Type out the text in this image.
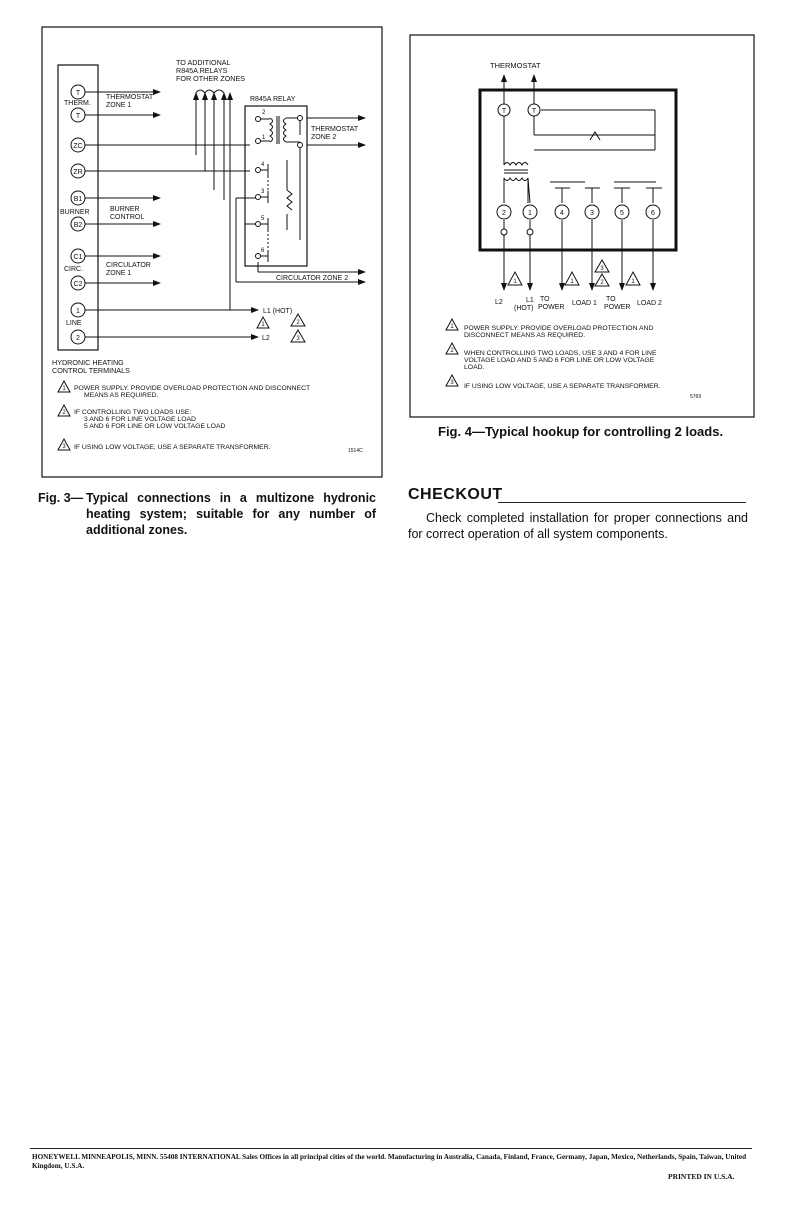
TO ADDITIONAL
R845A RELAYS
FOR OTHER ZONES
T
T
ZC
ZR
B1
B2
C1
C2
1
2
THERM.
BURNER
CIRC.
LINE
THERMOSTAT
ZONE 1
BURNER
CONTROL
CIRCULATOR
ZONE 1
R845A RELAY
2
1
4
3
5
6
THERMOSTAT
ZONE 2
CIRCULATOR ZONE 2
L1 (HOT)
L2
1	2
3
HYDRONIC HEATING
CONTROL TERMINALS
1
2
3
POWER SUPPLY. PROVIDE OVERLOAD PROTECTION AND DISCONNECT
MEANS AS REQUIRED.
IF CONTROLLING TWO LOADS USE:
3 AND 6 FOR LINE VOLTAGE LOAD
5 AND 6 FOR LINE OR LOW VOLTAGE LOAD
IF USING LOW VOLTAGE, USE A SEPARATE TRANSFORMER.	1514C
Fig. 3— Typical connections in a multizone hydronic heating system; suitable for any number of additional zones.
THERMOSTAT
T	T
2	1	4	3	5	6
1	1
3
2	1
L2	L1
(HOT)
TO
POWER
LOAD 1
TO
POWER
LOAD 2
1
2
3
POWER SUPPLY. PROVIDE OVERLOAD PROTECTION AND
DISCONNECT MEANS AS REQUIRED.
WHEN CONTROLLING TWO LOADS, USE 3 AND 4 FOR LINE
VOLTAGE LOAD AND 5 AND 6 FOR LINE OR LOW VOLTAGE
LOAD.
IF USING LOW VOLTAGE, USE A SEPARATE TRANSFORMER.
5769
Fig. 4—Typical hookup for controlling 2 loads.
CHECKOUT
Check completed installation for proper connections and for correct operation of all system components.
HONEYWELL MINNEAPOLIS, MINN. 55408 INTERNATIONAL Sales Offices in all principal cities of the world. Manufacturing in Australia, Canada, Finland, France, Germany, Japan, Mexico, Netherlands, Spain, Taiwan, United Kingdom, U.S.A.
PRINTED IN U.S.A.
